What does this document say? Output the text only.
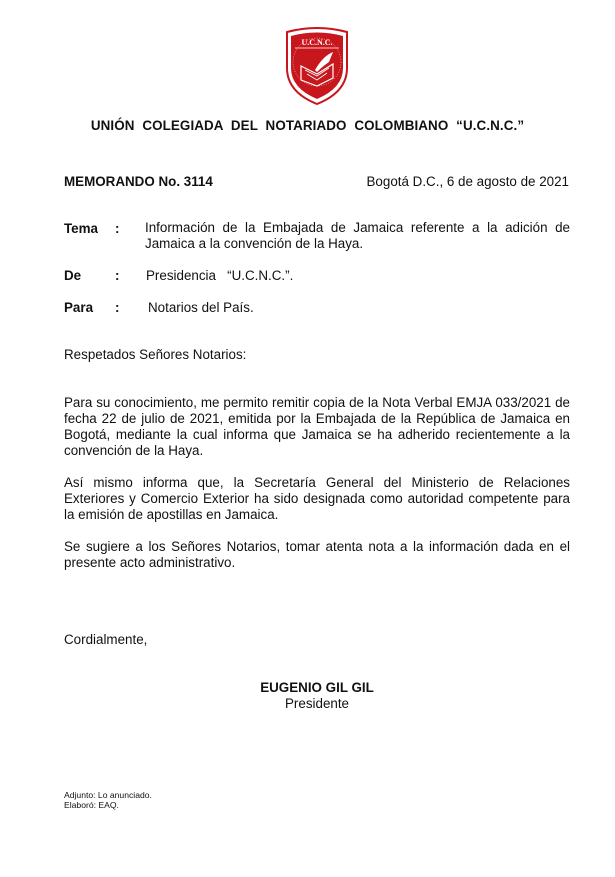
U.C.N.C.
UNIÓN COLEGIADA DEL NOTARIADO COLOMBIANO “U.C.N.C.”
MEMORANDO No. 3114	Bogotá D.C., 6 de agosto de 2021
Tema : Información de la Embajada de Jamaica referente a la adición de
Jamaica a la convención de la Haya.
De	: Presidencia   “U.C.N.C.”.
Para : Notarios del País.
Respetados Señores Notarios:
Para su conocimiento, me permito remitir copia de la Nota Verbal EMJA 033/2021 de fecha 22 de julio de 2021, emitida por la Embajada de la República de Jamaica en Bogotá, mediante la cual informa que Jamaica se ha adherido recientemente a la convención de la Haya.
Así mismo informa que, la Secretaría General del Ministerio de Relaciones Exteriores y Comercio Exterior ha sido designada como autoridad competente para la emisión de apostillas en Jamaica.
Se sugiere a los Señores Notarios, tomar atenta nota a la información dada en el presente acto administrativo.
Cordialmente,
EUGENIO GIL GIL
Presidente
Adjunto: Lo anunciado.
Elaboró: EAQ.
